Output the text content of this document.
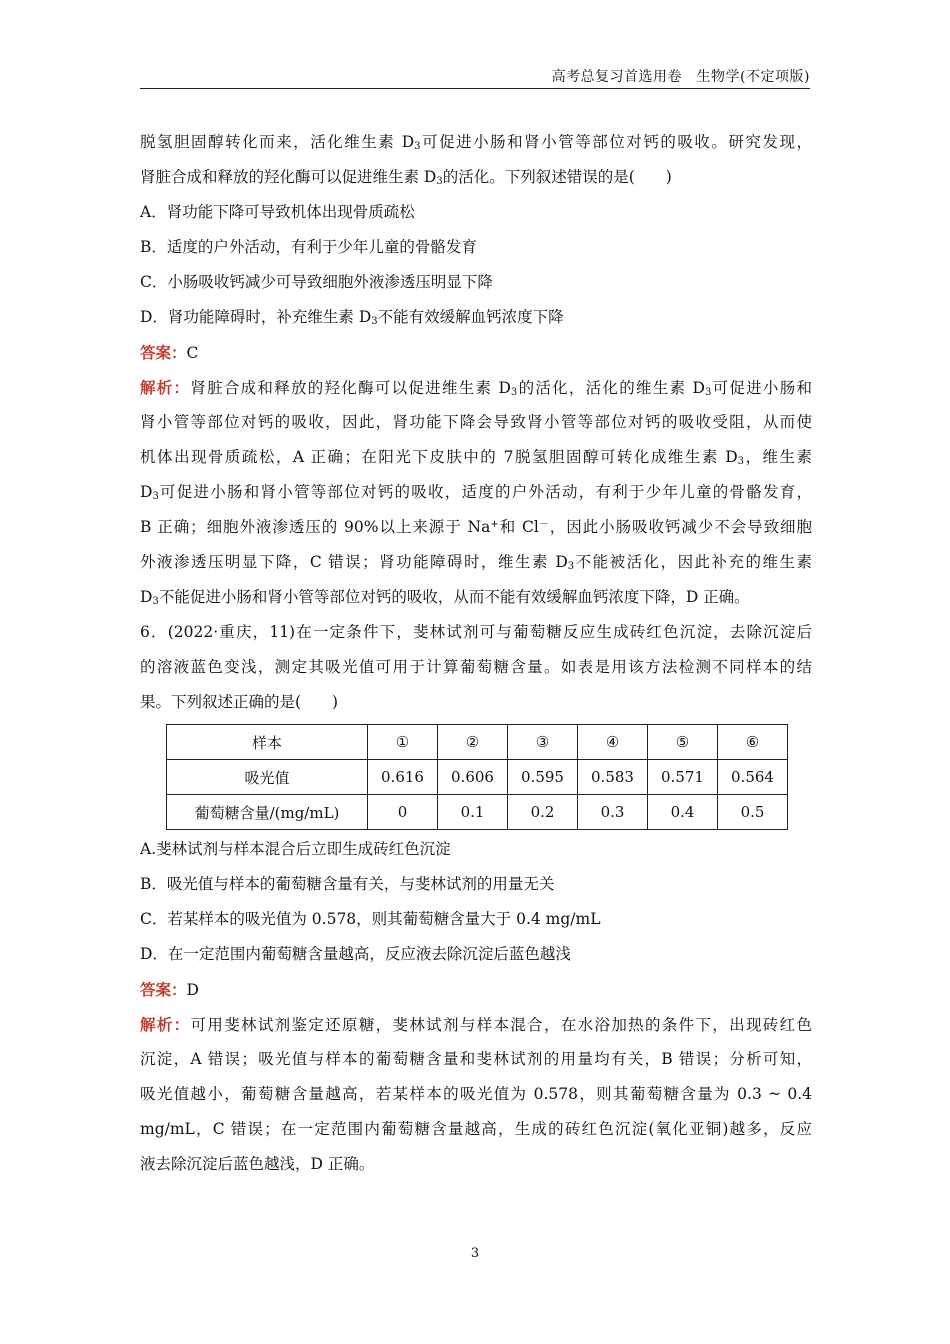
高考总复习首选用卷　生物学(不定项版)
脱氢胆固醇转化而来，活化维生素 $D_3$可促进小肠和肾小管等部位对钙的吸收。研究发现，
肾脏合成和释放的羟化酶可以促进维生素 $D_3$的活化。下列叙述错误的是(　　)
A．肾功能下降可导致机体出现骨质疏松
B．适度的户外活动，有利于少年儿童的骨骼发育
C．小肠吸收钙减少可导致细胞外液渗透压明显下降
D．肾功能障碍时，补充维生素 $D_3$不能有效缓解血钙浓度下降
答案：C
解析：肾脏合成和释放的羟化酶可以促进维生素 $D_3$的活化，活化的维生素 $D_3$可促进小肠和
肾小管等部位对钙的吸收，因此，肾功能下降会导致肾小管等部位对钙的吸收受阻，从而使
机体出现骨质疏松，A 正确；在阳光下皮肤中的 7脱氢胆固醇可转化成维生素 $D_3$，维生素
$D_3$可促进小肠和肾小管等部位对钙的吸收，适度的户外活动，有利于少年儿童的骨骼发育，
B 正确；细胞外液渗透压的 90%以上来源于 Na+和 Cl－，因此小肠吸收钙减少不会导致细胞
外液渗透压明显下降，C 错误；肾功能障碍时，维生素 $D_3$不能被活化，因此补充的维生素
$D_3$不能促进小肠和肾小管等部位对钙的吸收，从而不能有效缓解血钙浓度下降，D 正确。
6．(2022·重庆，11)在一定条件下，斐林试剂可与葡萄糖反应生成砖红色沉淀，去除沉淀后
的溶液蓝色变浅，测定其吸光值可用于计算葡萄糖含量。如表是用该方法检测不同样本的结
果。下列叙述正确的是(　　)
样本	①	②	③	④	⑤	⑥
吸光值	0.616	0.606	0.595	0.583	0.571	0.564
葡萄糖含量/(mg/mL)	0	0.1	0.2	0.3	0.4	0.5
A.斐林试剂与样本混合后立即生成砖红色沉淀
B．吸光值与样本的葡萄糖含量有关，与斐林试剂的用量无关
C．若某样本的吸光值为 0.578，则其葡萄糖含量大于 0.4 mg/mL
D．在一定范围内葡萄糖含量越高，反应液去除沉淀后蓝色越浅
答案：D
解析：可用斐林试剂鉴定还原糖，斐林试剂与样本混合，在水浴加热的条件下，出现砖红色
沉淀，A 错误；吸光值与样本的葡萄糖含量和斐林试剂的用量均有关，B 错误；分析可知，
吸光值越小，葡萄糖含量越高，若某样本的吸光值为 0.578，则其葡萄糖含量为 0.3 ~ 0.4
mg/mL，C 错误；在一定范围内葡萄糖含量越高，生成的砖红色沉淀(氧化亚铜)越多，反应
液去除沉淀后蓝色越浅，D 正确。
3
